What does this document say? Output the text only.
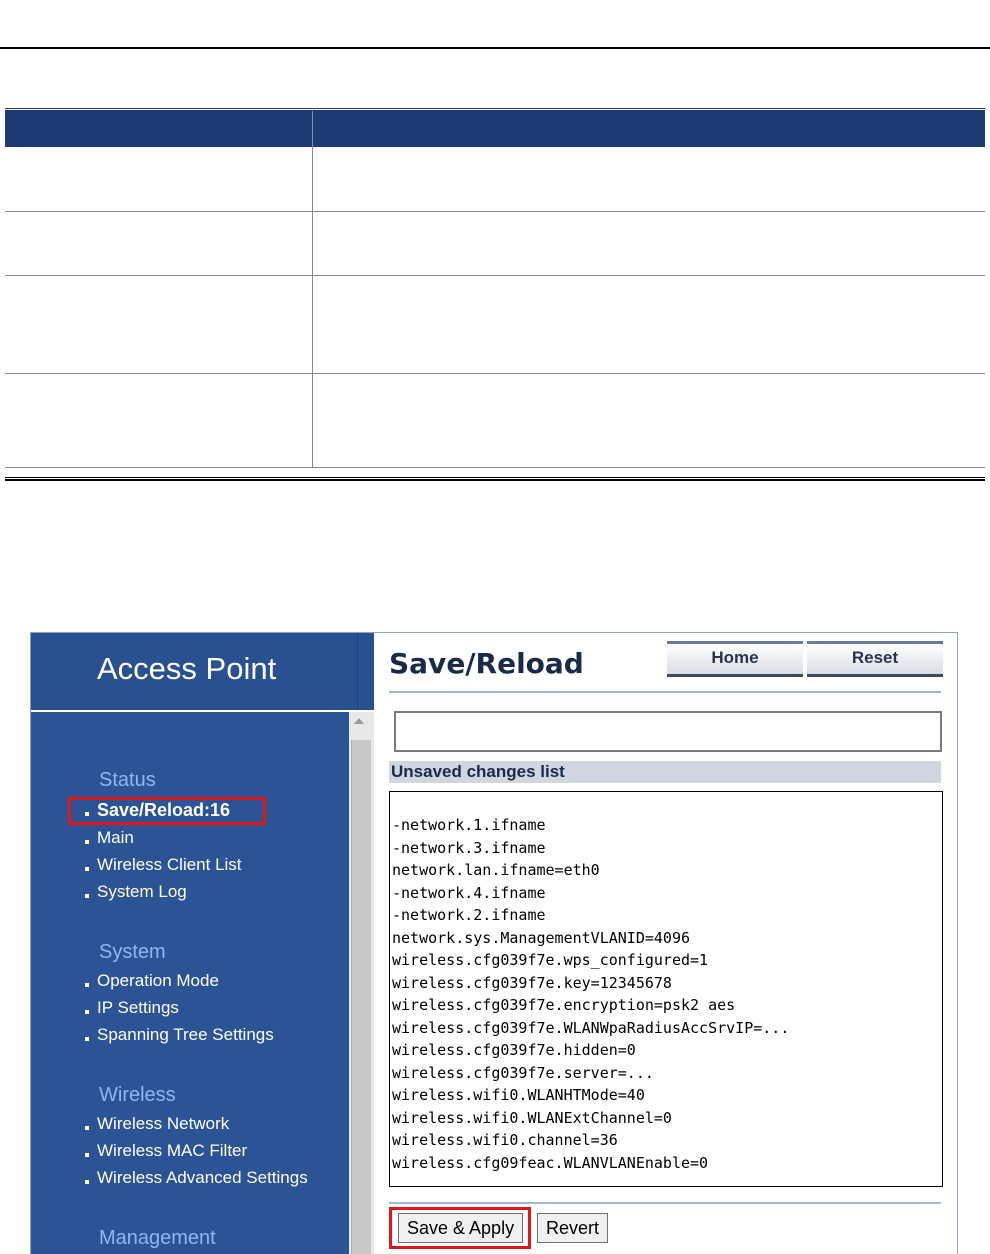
Access Point
Status
Save/Reload:16
Main
Wireless Client List
System Log
System
Operation Mode
IP Settings
Spanning Tree Settings
Wireless
Wireless Network
Wireless MAC Filter
Wireless Advanced Settings
Management
Save/Reload	Home	Reset
Unsaved changes list
-network.1.ifname
-network.3.ifname
network.lan.ifname=eth0
-network.4.ifname
-network.2.ifname
network.sys.ManagementVLANID=4096
wireless.cfg039f7e.wps_configured=1
wireless.cfg039f7e.key=12345678
wireless.cfg039f7e.encryption=psk2 aes
wireless.cfg039f7e.WLANWpaRadiusAccSrvIP=...
wireless.cfg039f7e.hidden=0
wireless.cfg039f7e.server=...
wireless.wifi0.WLANHTMode=40
wireless.wifi0.WLANExtChannel=0
wireless.wifi0.channel=36
wireless.cfg09feac.WLANVLANEnable=0
Save & Apply	Revert
